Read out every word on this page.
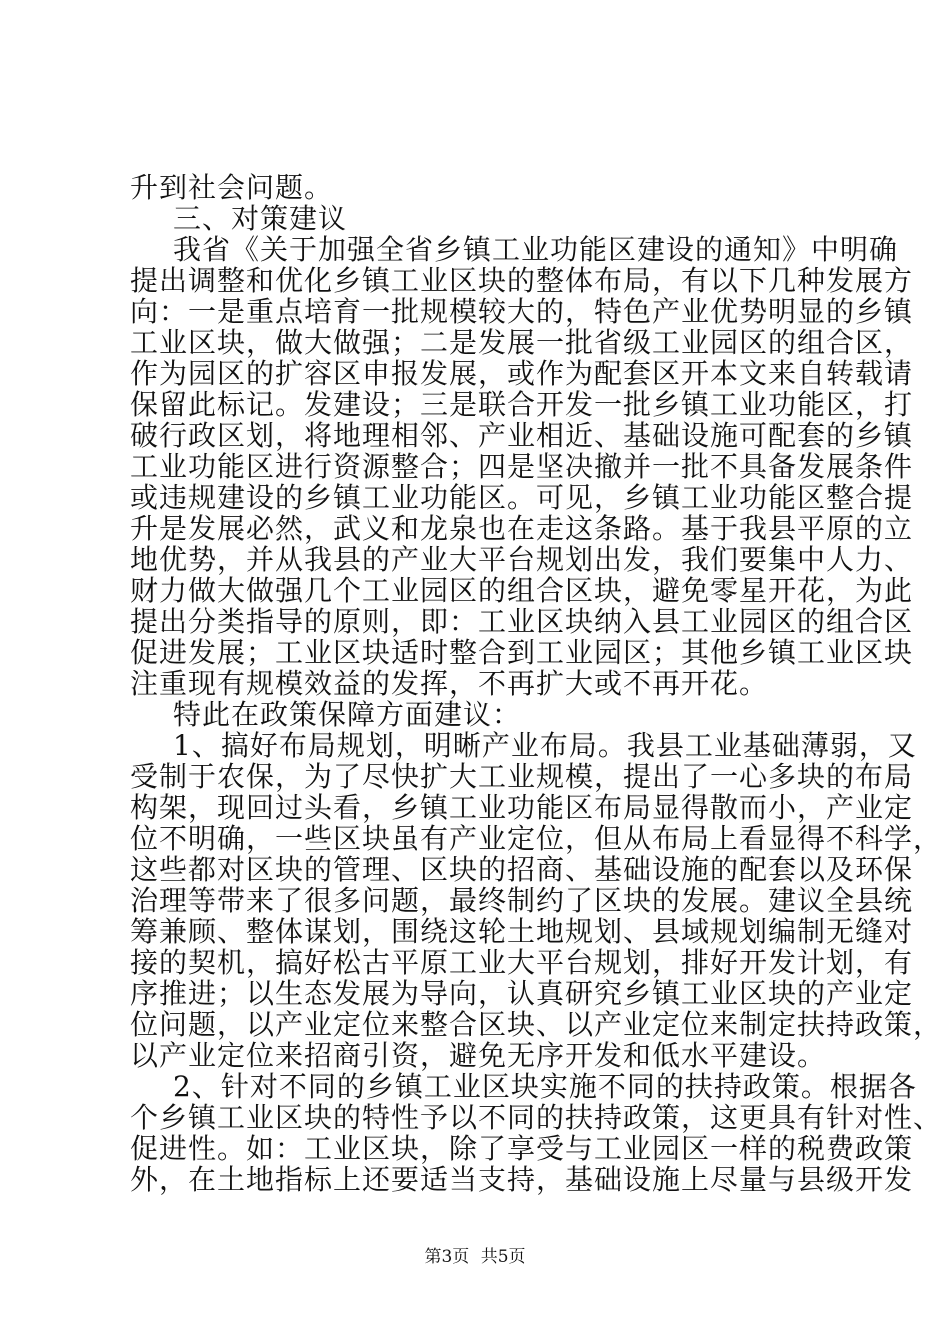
升到社会问题。
三、对策建议
我省《关于加强全省乡镇工业功能区建设的通知》中明确
提出调整和优化乡镇工业区块的整体布局，有以下几种发展方
向：一是重点培育一批规模较大的，特色产业优势明显的乡镇
工业区块，做大做强；二是发展一批省级工业园区的组合区，
作为园区的扩容区申报发展，或作为配套区开本文来自转载请
保留此标记。发建设；三是联合开发一批乡镇工业功能区，打
破行政区划，将地理相邻、产业相近、基础设施可配套的乡镇
工业功能区进行资源整合；四是坚决撤并一批不具备发展条件
或违规建设的乡镇工业功能区。可见，乡镇工业功能区整合提
升是发展必然，武义和龙泉也在走这条路。基于我县平原的立
地优势，并从我县的产业大平台规划出发，我们要集中人力、
财力做大做强几个工业园区的组合区块，避免零星开花，为此
提出分类指导的原则，即：工业区块纳入县工业园区的组合区
促进发展；工业区块适时整合到工业园区；其他乡镇工业区块
注重现有规模效益的发挥，不再扩大或不再开花。
特此在政策保障方面建议：
1、搞好布局规划，明晰产业布局。我县工业基础薄弱，又
受制于农保，为了尽快扩大工业规模，提出了一心多块的布局
构架，现回过头看，乡镇工业功能区布局显得散而小，产业定
位不明确，一些区块虽有产业定位，但从布局上看显得不科学，
这些都对区块的管理、区块的招商、基础设施的配套以及环保
治理等带来了很多问题，最终制约了区块的发展。建议全县统
筹兼顾、整体谋划，围绕这轮土地规划、县域规划编制无缝对
接的契机，搞好松古平原工业大平台规划，排好开发计划，有
序推进；以生态发展为导向，认真研究乡镇工业区块的产业定
位问题，以产业定位来整合区块、以产业定位来制定扶持政策，
以产业定位来招商引资，避免无序开发和低水平建设。
2、针对不同的乡镇工业区块实施不同的扶持政策。根据各
个乡镇工业区块的特性予以不同的扶持政策，这更具有针对性、
促进性。如：工业区块，除了享受与工业园区一样的税费政策
外，在土地指标上还要适当支持，基础设施上尽量与县级开发
第3页 共5页
